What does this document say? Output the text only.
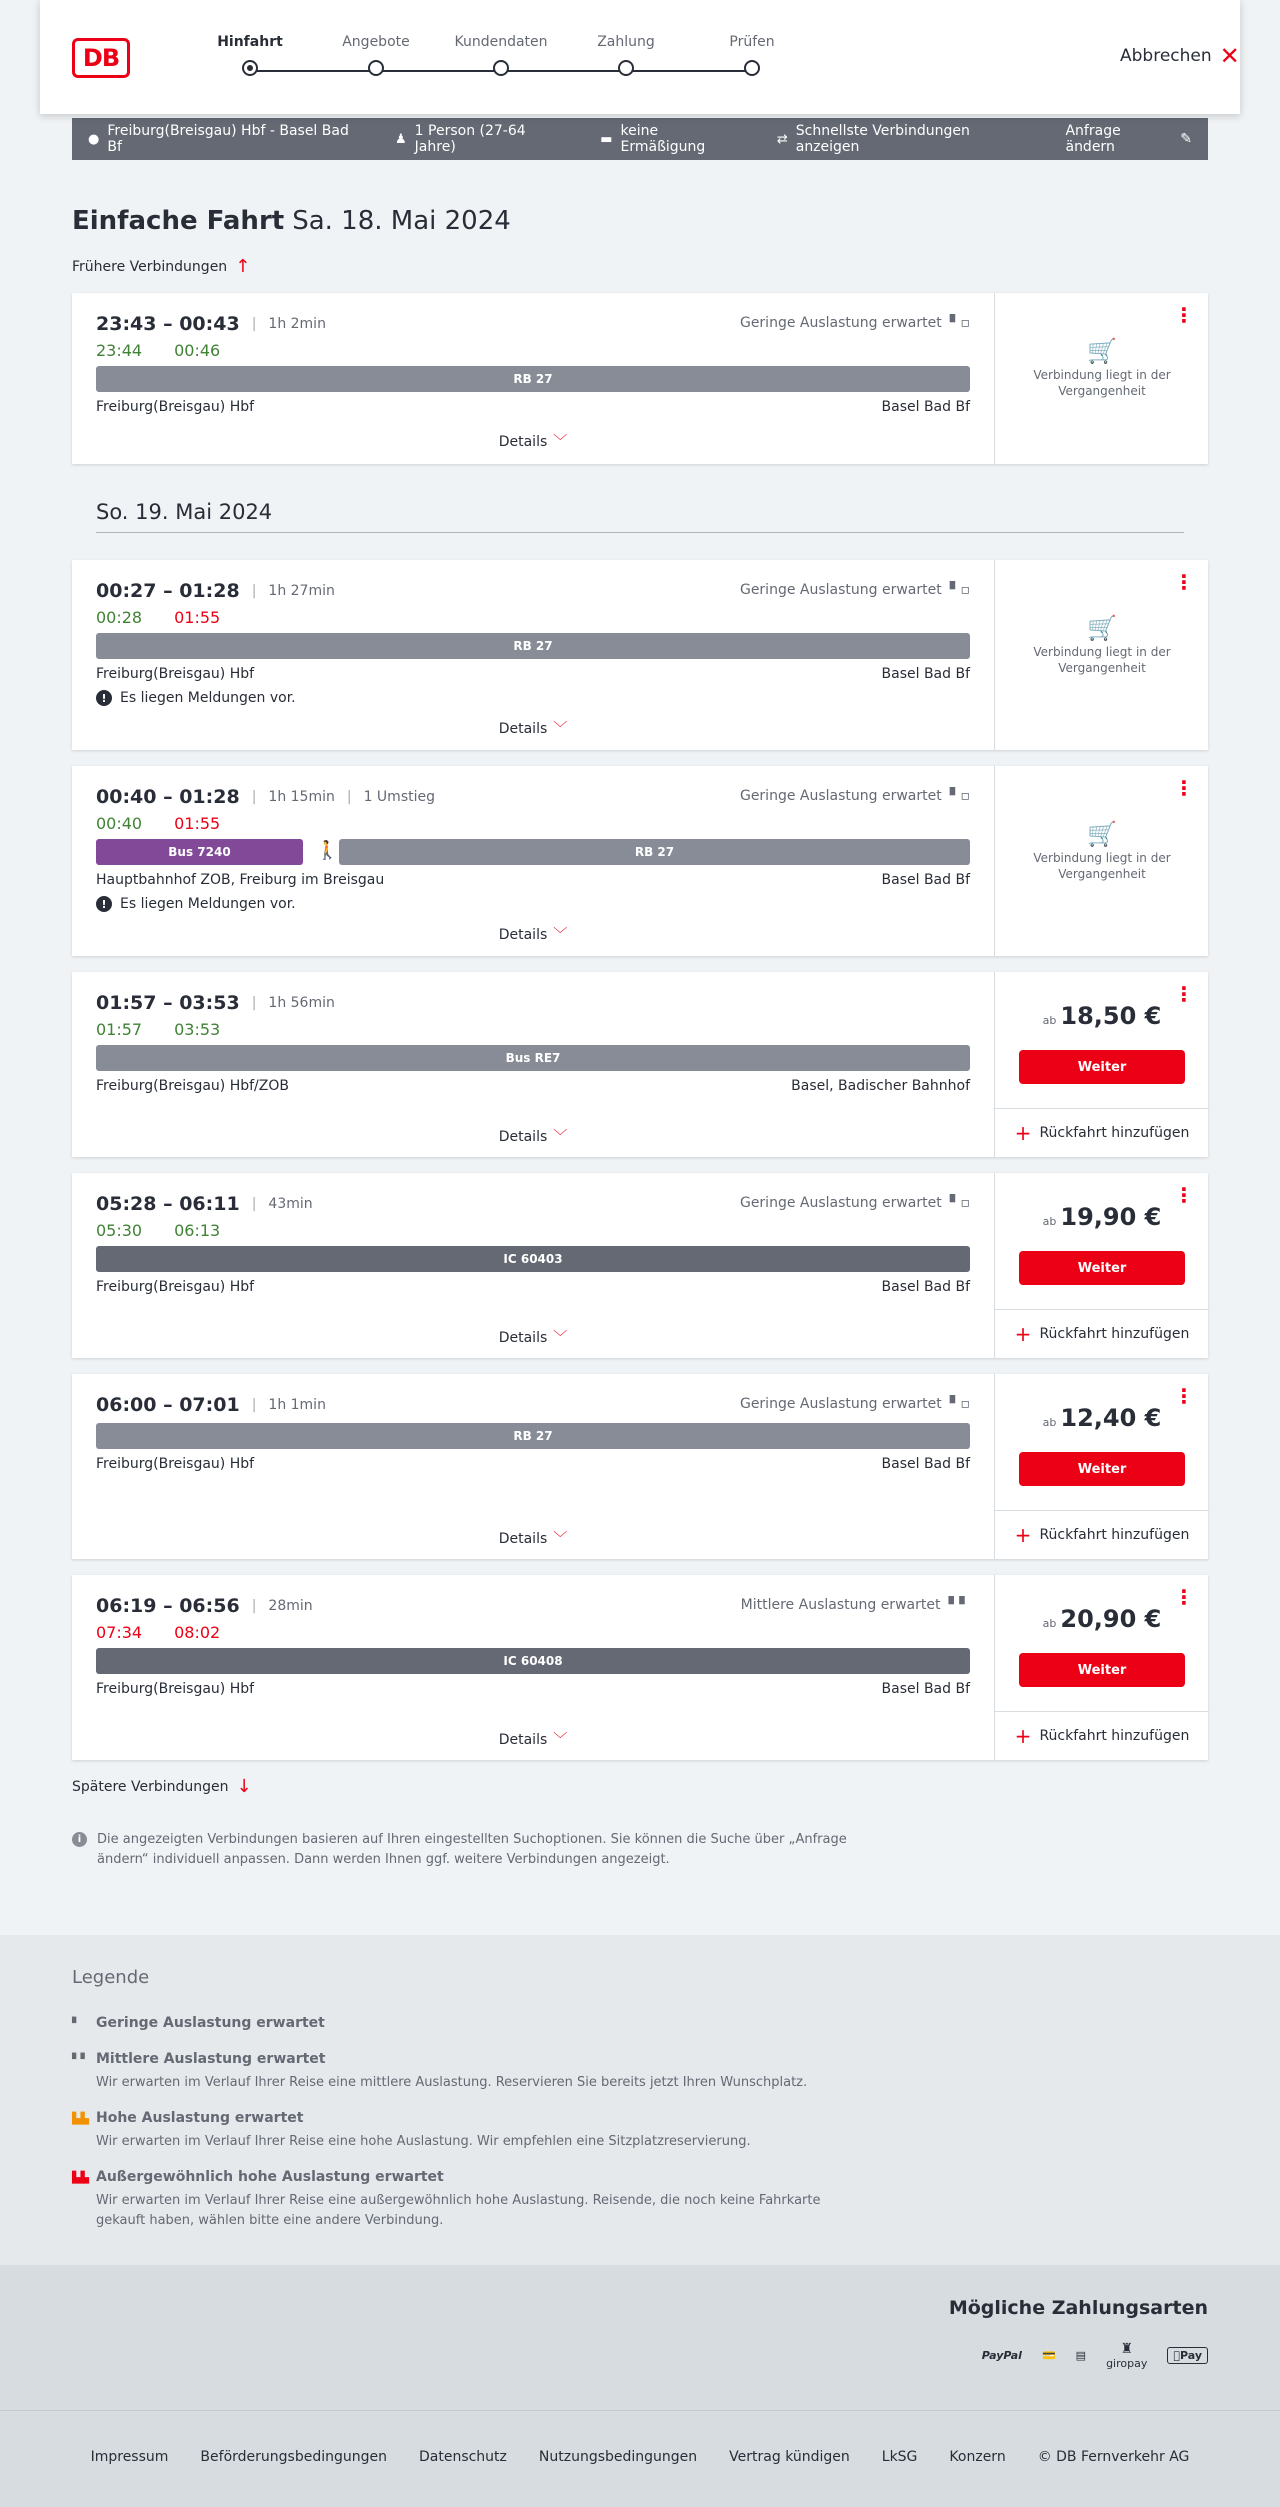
DB
Hinfahrt	Angebote	Kundendaten	Zahlung	Prüfen
Abbrechen ✕
● Freiburg(Breisgau) Hbf - Basel Bad Bf	♟ 1 Person (27-64 Jahre)	▬ keine Ermäßigung	⇄ Schnellste Verbindungen anzeigen
Anfrage ändern	✎
Einfache Fahrt Sa. 18. Mai 2024
Frühere Verbindungen ↑
23:43 – 00:43 | 1h 2min
23:44 00:46
Geringe Auslastung erwartet ▘▫
RB 27
Freiburg(Breisgau) Hbf	Basel Bad Bf
Details ﹀
⋮
🛒
Verbindung liegt in der Vergangenheit
So. 19. Mai 2024
00:27 – 01:28 | 1h 27min
00:28 01:55
Geringe Auslastung erwartet ▘▫
RB 27
Freiburg(Breisgau) Hbf	Basel Bad Bf
! Es liegen Meldungen vor.
Details ﹀
⋮
🛒
Verbindung liegt in der Vergangenheit
00:40 – 01:28 | 1h 15min | 1 Umstieg
00:40 01:55
Geringe Auslastung erwartet ▘▫
Bus 7240	🚶	RB 27
Hauptbahnhof ZOB, Freiburg im Breisgau	Basel Bad Bf
! Es liegen Meldungen vor.
Details ﹀
⋮
🛒
Verbindung liegt in der Vergangenheit
01:57 – 03:53 | 1h 56min
01:57 03:53
Bus RE7
Freiburg(Breisgau) Hbf/ZOB	Basel, Badischer Bahnhof
Details ﹀
⋮
ab 18,50 €
Weiter
+ Rückfahrt hinzufügen
05:28 – 06:11 | 43min
05:30 06:13
Geringe Auslastung erwartet ▘▫
IC 60403
Freiburg(Breisgau) Hbf	Basel Bad Bf
Details ﹀
⋮
ab 19,90 €
Weiter
+ Rückfahrt hinzufügen
06:00 – 07:01 | 1h 1min	Geringe Auslastung erwartet ▘▫
RB 27
Freiburg(Breisgau) Hbf	Basel Bad Bf
Details ﹀
⋮
ab 12,40 €
Weiter
+ Rückfahrt hinzufügen
06:19 – 06:56 | 28min
07:34 08:02
Mittlere Auslastung erwartet ▘▘
IC 60408
Freiburg(Breisgau) Hbf	Basel Bad Bf
Details ﹀
⋮
ab 20,90 €
Weiter
+ Rückfahrt hinzufügen
Spätere Verbindungen ↓
i	Die angezeigten Verbindungen basieren auf Ihren eingestellten Suchoptionen. Sie können die Suche über „Anfrage ändern“ individuell anpassen. Dann werden Ihnen ggf. weitere Verbindungen angezeigt.
Legende
▘	Geringe Auslastung erwartet
▘▘ Mittlere Auslastung erwartet
Wir erwarten im Verlauf Ihrer Reise eine mittlere Auslastung. Reservieren Sie bereits jetzt Ihren Wunschplatz.
▙▙ Hohe Auslastung erwartet
Wir erwarten im Verlauf Ihrer Reise eine hohe Auslastung. Wir empfehlen eine Sitzplatzreservierung.
▙▙ Außergewöhnlich hohe Auslastung erwartet
Wir erwarten im Verlauf Ihrer Reise eine außergewöhnlich hohe Auslastung. Reisende, die noch keine Fahrkarte gekauft haben, wählen bitte eine andere Verbindung.
Mögliche Zahlungsarten
PayPal	💳	▤	♜
giropay
Pay
Impressum Beförderungsbedingungen Datenschutz Nutzungsbedingungen Vertrag kündigen LkSG Konzern © DB Fernverkehr AG
